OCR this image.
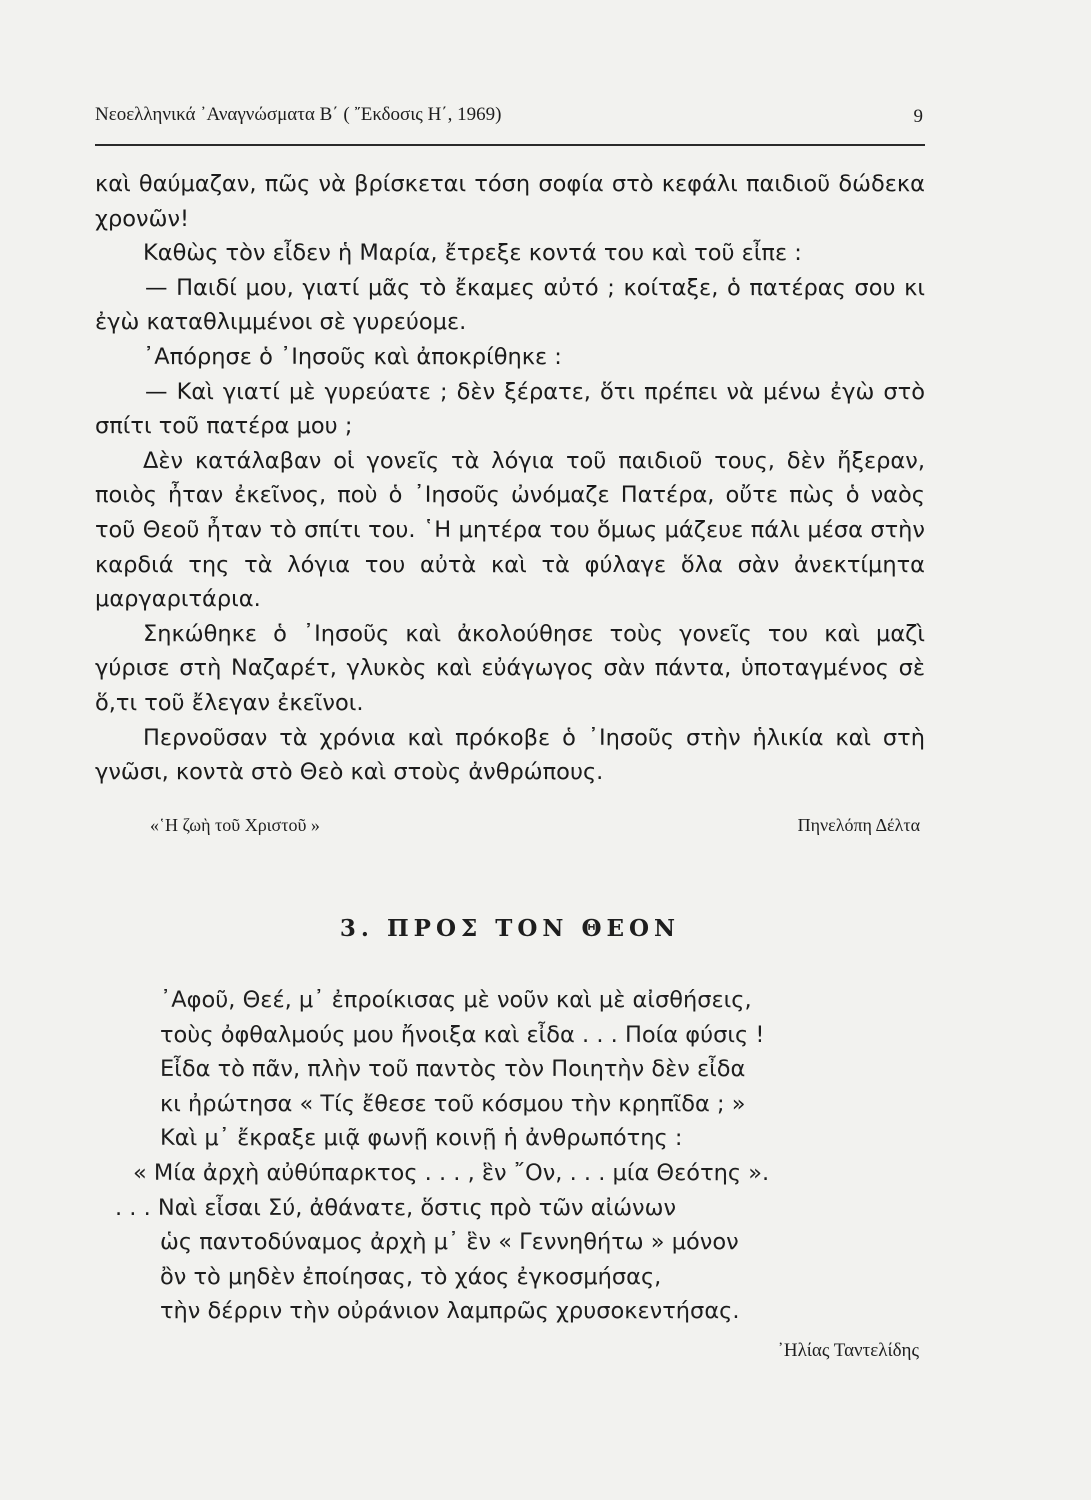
Νεοελληνικά ᾿Αναγνώσματα Β΄ ( ῎Εκδοσις Η΄, 1969)	9

καὶ θαύμαζαν, πῶς νὰ βρίσκεται τόση σοφία στὸ κεφάλι παιδιοῦ δώδεκα χρονῶν!

Καθὼς τὸν εἶδεν ἡ Μαρία, ἔτρεξε κοντά του καὶ τοῦ εἶπε :

— Παιδί μου, γιατί μᾶς τὸ ἔκαμες αὐτό ; κοίταξε, ὁ πατέρας σου κι ἐγὼ καταθλιμμένοι σὲ γυρεύομε.

᾿Απόρησε ὁ ᾿Ιησοῦς καὶ ἀποκρίθηκε :

— Καὶ γιατί μὲ γυρεύατε ; δὲν ξέρατε, ὅτι πρέπει νὰ μένω ἐγὼ στὸ σπίτι τοῦ πατέρα μου ;

Δὲν κατάλαβαν οἱ γονεῖς τὰ λόγια τοῦ παιδιοῦ τους, δὲν ἤξεραν, ποιὸς ἦταν ἐκεῖνος, ποὺ ὁ ᾿Ιησοῦς ὠνόμαζε Πατέρα, οὔτε πὼς ὁ ναὸς τοῦ Θεοῦ ἦταν τὸ σπίτι του. ῾Η μητέρα του ὅμως μάζευε πάλι μέσα στὴν καρδιά της τὰ λόγια του αὐτὰ καὶ τὰ φύλαγε ὅλα σὰν ἀνεκτίμητα μαργαριτάρια.

Σηκώθηκε ὁ ᾿Ιησοῦς καὶ ἀκολούθησε τοὺς γονεῖς του καὶ μαζὶ γύρισε στὴ Ναζαρέτ, γλυκὸς καὶ εὐάγωγος σὰν πάντα, ὑποταγμένος σὲ ὅ,τι τοῦ ἔλεγαν ἐκεῖνοι.

Περνοῦσαν τὰ χρόνια καὶ πρόκοβε ὁ ᾿Ιησοῦς στὴν ἡλικία καὶ στὴ γνῶσι, κοντὰ στὸ Θεὸ καὶ στοὺς ἀνθρώπους.

«῾Η ζωὴ τοῦ Χριστοῦ »	Πηνελόπη Δέλτα
3. ΠΡΟΣ ΤΟΝ ΘΕΟΝ
᾿Αφοῦ, Θεέ, μ᾿ ἐπροίκισας μὲ νοῦν καὶ μὲ αἰσθήσεις,
τοὺς ὀφθαλμούς μου ἤνοιξα καὶ εἶδα . . . Ποία φύσις !
Εἶδα τὸ πᾶν, πλὴν τοῦ παντὸς τὸν Ποιητὴν δὲν εἶδα
κι ἠρώτησα « Τίς ἔθεσε τοῦ κόσμου τὴν κρηπῖδα ; »
Καὶ μ᾿ ἔκραξε μιᾷ φωνῇ κοινῇ ἡ ἀνθρωπότης :
« Μία ἀρχὴ αὐθύπαρκτος . . . , ἓν ῎Ον, . . . μία Θεότης ».
. . . Ναὶ εἶσαι Σύ, ἀθάνατε, ὅστις πρὸ τῶν αἰώνων
ὡς παντοδύναμος ἀρχὴ μ᾿ ἓν « Γεννηθήτω » μόνον
ὂν τὸ μηδὲν ἐποίησας, τὸ χάος ἐγκοσμήσας,
τὴν δέρριν τὴν οὐράνιον λαμπρῶς χρυσοκεντήσας.
᾿Ηλίας Ταντελίδης
